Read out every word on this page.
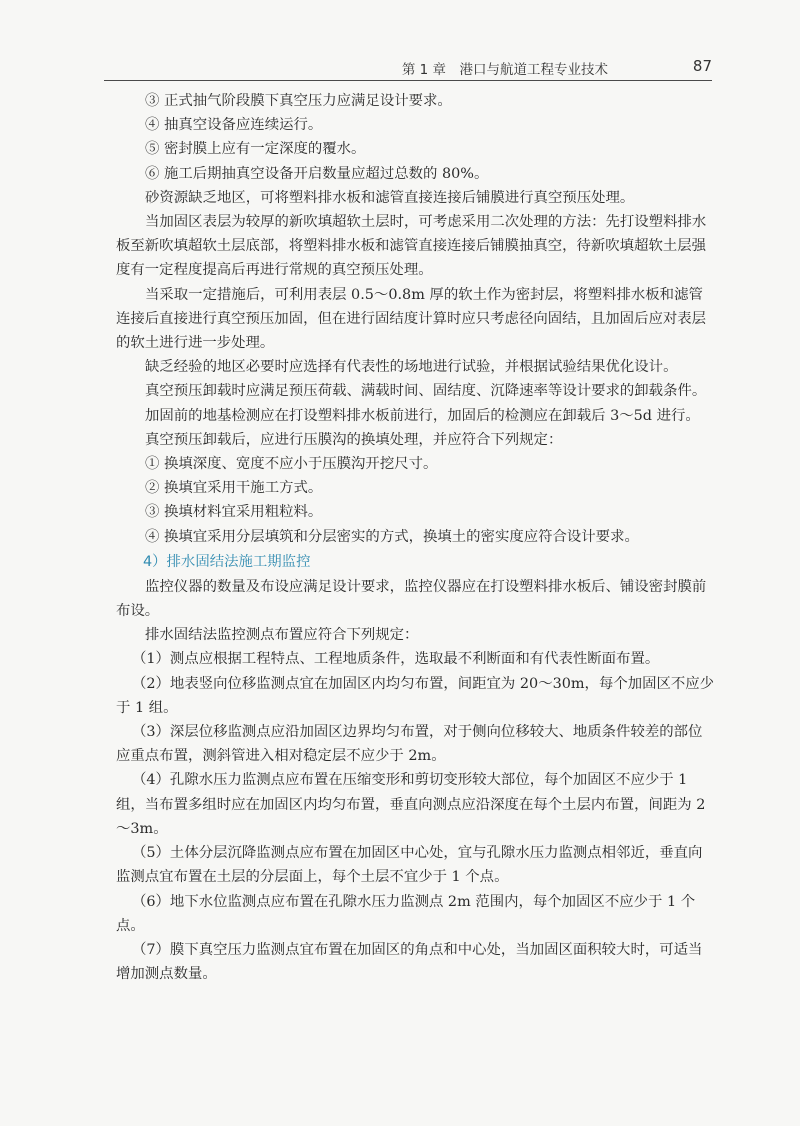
第 1 章　港口与航道工程专业技术	87

③ 正式抽气阶段膜下真空压力应满足设计要求。

④ 抽真空设备应连续运行。

⑤ 密封膜上应有一定深度的覆水。

⑥ 施工后期抽真空设备开启数量应超过总数的 80%。

砂资源缺乏地区，可将塑料排水板和滤管直接连接后铺膜进行真空预压处理。

当加固区表层为较厚的新吹填超软土层时，可考虑采用二次处理的方法：先打设塑料排水板至新吹填超软土层底部，将塑料排水板和滤管直接连接后铺膜抽真空，待新吹填超软土层强度有一定程度提高后再进行常规的真空预压处理。

当采取一定措施后，可利用表层 0.5～0.8m 厚的软土作为密封层，将塑料排水板和滤管连接后直接进行真空预压加固，但在进行固结度计算时应只考虑径向固结，且加固后应对表层的软土进行进一步处理。

缺乏经验的地区必要时应选择有代表性的场地进行试验，并根据试验结果优化设计。

真空预压卸载时应满足预压荷载、满载时间、固结度、沉降速率等设计要求的卸载条件。

加固前的地基检测应在打设塑料排水板前进行，加固后的检测应在卸载后 3～5d 进行。

真空预压卸载后，应进行压膜沟的换填处理，并应符合下列规定：

① 换填深度、宽度不应小于压膜沟开挖尺寸。

② 换填宜采用干施工方式。

③ 换填材料宜采用粗粒料。

④ 换填宜采用分层填筑和分层密实的方式，换填土的密实度应符合设计要求。

4）排水固结法施工期监控

监控仪器的数量及布设应满足设计要求，监控仪器应在打设塑料排水板后、铺设密封膜前布设。

排水固结法监控测点布置应符合下列规定：

（1）测点应根据工程特点、工程地质条件，选取最不利断面和有代表性断面布置。

（2）地表竖向位移监测点宜在加固区内均匀布置，间距宜为 20～30m，每个加固区不应少于 1 组。

（3）深层位移监测点应沿加固区边界均匀布置，对于侧向位移较大、地质条件较差的部位应重点布置，测斜管进入相对稳定层不应少于 2m。

（4）孔隙水压力监测点应布置在压缩变形和剪切变形较大部位，每个加固区不应少于 1 组，当布置多组时应在加固区内均匀布置，垂直向测点应沿深度在每个土层内布置，间距为 2～3m。

（5）土体分层沉降监测点应布置在加固区中心处，宜与孔隙水压力监测点相邻近，垂直向监测点宜布置在土层的分层面上，每个土层不宜少于 1 个点。

（6）地下水位监测点应布置在孔隙水压力监测点 2m 范围内，每个加固区不应少于 1 个点。

（7）膜下真空压力监测点宜布置在加固区的角点和中心处，当加固区面积较大时，可适当增加测点数量。
